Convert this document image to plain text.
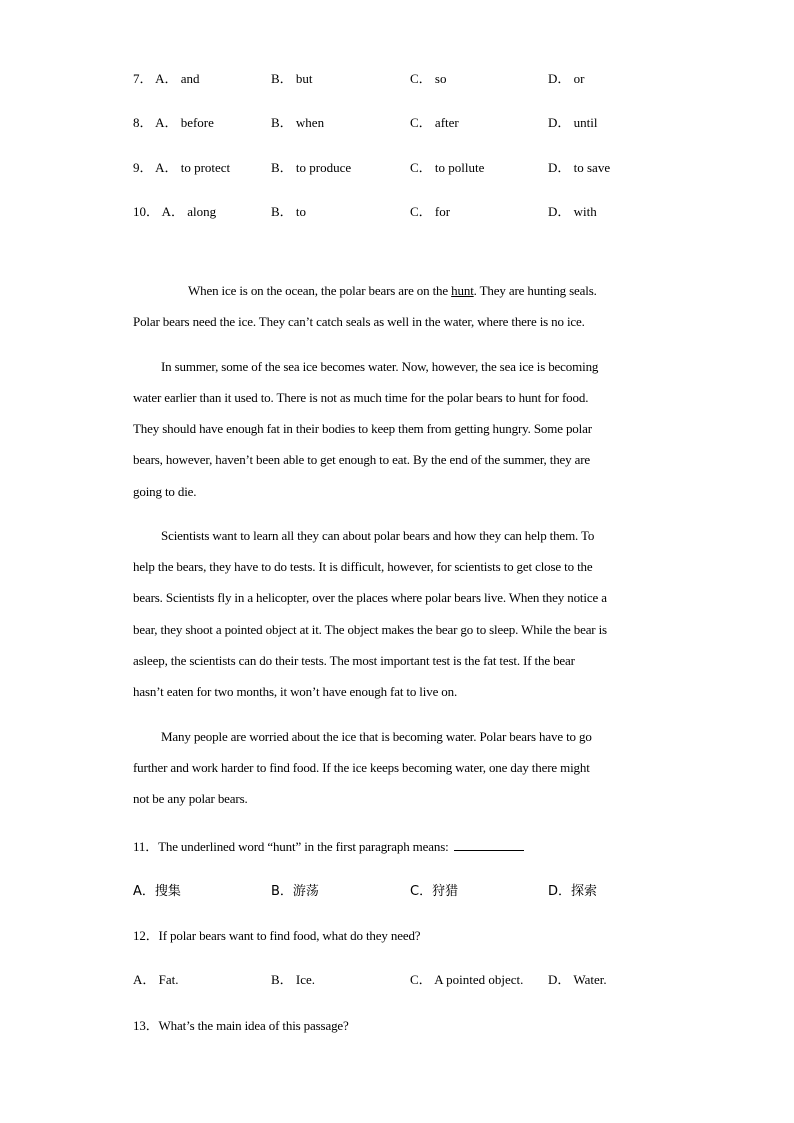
7． A． and	B． but	C． so	D． or
8． A． before	B． when	C． after	D． until
9． A． to protect	B． to produce	C． to pollute	D． to save
10． A． along	B． to	C． for	D． with
When ice is on the ocean, the polar bears are on the hunt. They are hunting seals.
Polar bears need the ice. They can’t catch seals as well in the water, where there is no ice.
In summer, some of the sea ice becomes water. Now, however, the sea ice is becoming
water earlier than it used to. There is not as much time for the polar bears to hunt for food.
They should have enough fat in their bodies to keep them from getting hungry. Some polar
bears, however, haven’t been able to get enough to eat. By the end of the summer, they are
going to die.
Scientists want to learn all they can about polar bears and how they can help them. To
help the bears, they have to do tests. It is difficult, however, for scientists to get close to the
bears. Scientists fly in a helicopter, over the places where polar bears live. When they notice a
bear, they shoot a pointed object at it. The object makes the bear go to sleep. While the bear is
asleep, the scientists can do their tests. The most important test is the fat test. If the bear
hasn’t eaten for two months, it won’t have enough fat to live on.
Many people are worried about the ice that is becoming water. Polar bears have to go
further and work harder to find food. If the ice keeps becoming water, one day there might
not be any polar bears.
11．The underlined word “hunt” in the first paragraph means:
A．搜集	B．游荡	C．狩猎	D．探索
12．If polar bears want to find food, what do they need?
A． Fat.	B． Ice.	C． A pointed object. D． Water.
13．What’s the main idea of this passage?
